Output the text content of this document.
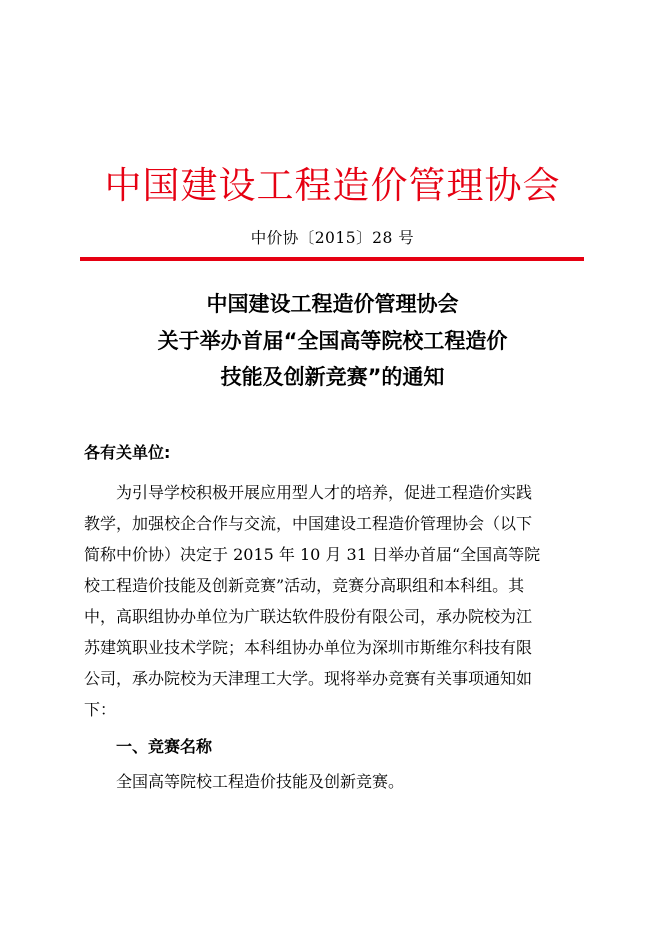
中国建设工程造价管理协会
中价协〔2015〕28 号
中国建设工程造价管理协会
关于举办首届“全国高等院校工程造价
技能及创新竞赛”的通知
各有关单位:
为引导学校积极开展应用型人才的培养，促进工程造价实践
教学，加强校企合作与交流，中国建设工程造价管理协会（以下
简称中价协）决定于 2015 年 10 月 31 日举办首届“全国高等院
校工程造价技能及创新竞赛”活动，竞赛分高职组和本科组。其
中，高职组协办单位为广联达软件股份有限公司，承办院校为江
苏建筑职业技术学院；本科组协办单位为深圳市斯维尔科技有限
公司，承办院校为天津理工大学。现将举办竞赛有关事项通知如
下：
一、竞赛名称
全国高等院校工程造价技能及创新竞赛。
